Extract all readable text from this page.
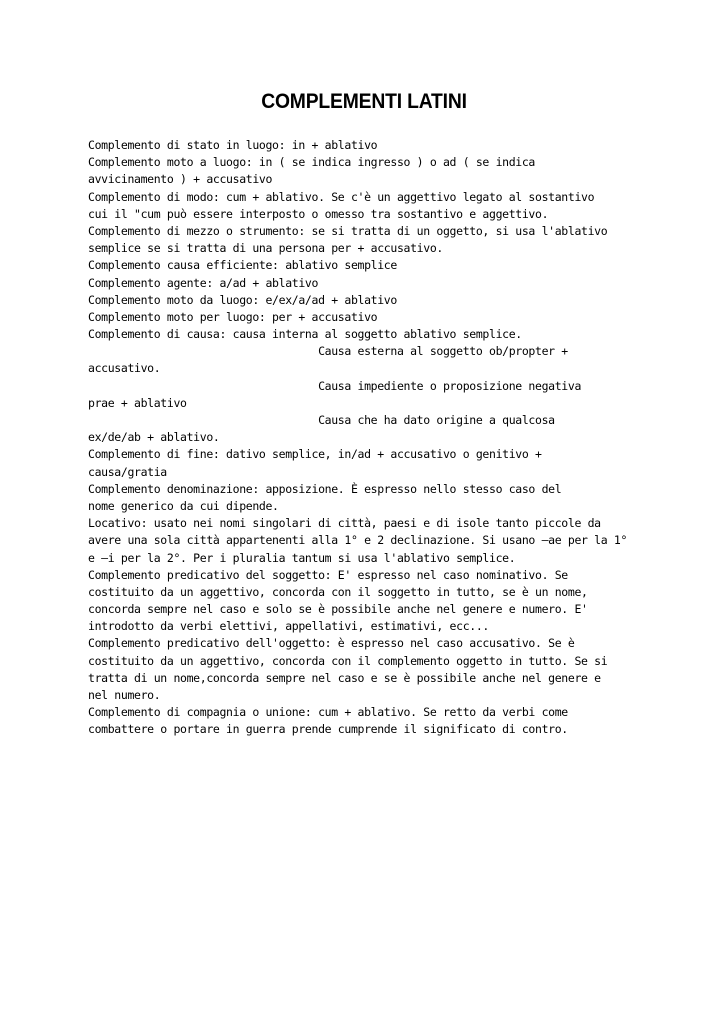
COMPLEMENTI LATINI
Complemento di stato in luogo: in + ablativo
Complemento moto a luogo: in ( se indica ingresso ) o ad ( se indica
avvicinamento ) + accusativo
Complemento di modo: cum + ablativo. Se c'è un aggettivo legato al sostantivo
cui il "cum può essere interposto o omesso tra sostantivo e aggettivo.
Complemento di mezzo o strumento: se si tratta di un oggetto, si usa l'ablativo
semplice se si tratta di una persona per + accusativo.
Complemento causa efficiente: ablativo semplice
Complemento agente: a/ad + ablativo
Complemento moto da luogo: e/ex/a/ad + ablativo
Complemento moto per luogo: per + accusativo
Complemento di causa: causa interna al soggetto ablativo semplice.
Causa esterna al soggetto ob/propter +
accusativo.
Causa impediente o proposizione negativa
prae + ablativo
Causa che ha dato origine a qualcosa
ex/de/ab + ablativo.
Complemento di fine: dativo semplice, in/ad + accusativo o genitivo +
causa/gratia
Complemento denominazione: apposizione. È espresso nello stesso caso del
nome generico da cui dipende.
Locativo: usato nei nomi singolari di città, paesi e di isole tanto piccole da
avere una sola città appartenenti alla 1° e 2 declinazione. Si usano –ae per la 1°
e –i per la 2°. Per i pluralia tantum si usa l'ablativo semplice.
Complemento predicativo del soggetto: E' espresso nel caso nominativo. Se
costituito da un aggettivo, concorda con il soggetto in tutto, se è un nome,
concorda sempre nel caso e solo se è possibile anche nel genere e numero. E'
introdotto da verbi elettivi, appellativi, estimativi, ecc...
Complemento predicativo dell'oggetto: è espresso nel caso accusativo. Se è
costituito da un aggettivo, concorda con il complemento oggetto in tutto. Se si
tratta di un nome,concorda sempre nel caso e se è possibile anche nel genere e
nel numero.
Complemento di compagnia o unione: cum + ablativo. Se retto da verbi come
combattere o portare in guerra prende cumprende il significato di contro.
